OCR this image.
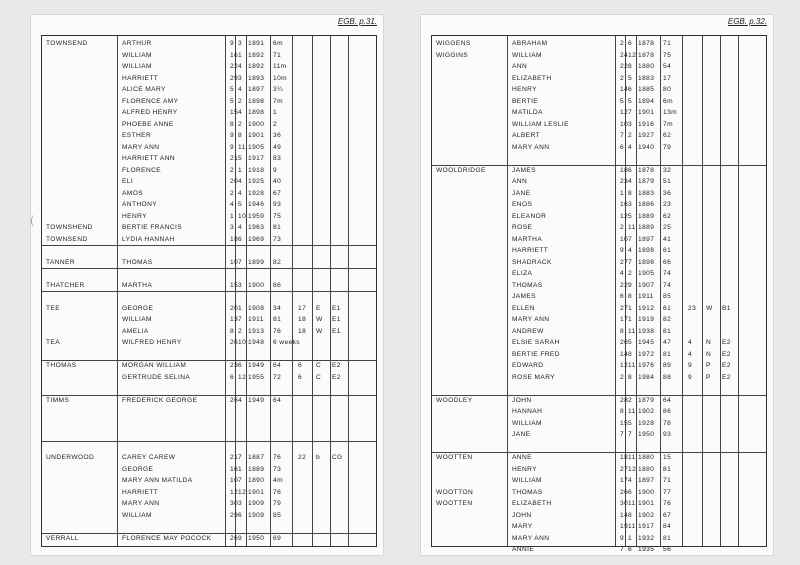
EGB. p.31.
TOWNSEND	ARTHUR	9 3 1891 6m
WILLIAM	16 1 1892 71
WILLIAM	22 4 1892 11m
HARRIETT	29 3 1893 10m
ALICE MARY	5 4 1897 3¼
FLORENCE AMY	5 2 1898 7m
ALFRED HENRY	15 4 1898 1
PHOEBE ANNE	8 2 1900 2
ESTHER	9 8 1901 36
MARY ANN	9 11 1905 49
HARRIETT ANN	21 5 1917 83
FLORENCE	2 1 1918 9
ELI	20 4 1925 40
AMOS	2 4 1928 67
ANTHONY	4 5 1946 93
HENRY	1 10 1959 75
TOWNSHEND	BERTIE FRANCIS	3 4 1963 81
TOWNSEND	LYDIA HANNAH	18 6 1969 73
TANNER	THOMAS	10 7 1899 82
THATCHER	MARTHA	15 3 1900 86
TEE	GEORGE	20 1 1908 34	17 E E1
WILLIAM	13 7 1911 81	18 W E1
AMELIA	8 2 1913 76	18 W E1
TEA	WILFRED HENRY	26 10 1948 6 weeks
THOMAS	MORGAN WILLIAM	23 6 1949 64	6 C E2
GERTRUDE SELINA	6 12 1955 72	6 C E2
TIMMS	FREDERICK GEORGE	26 4 1949 64
UNDERWOOD	CAREY CAREW	21 7 1887 76	22 b CG
GEORGE	16 1 1889 73
MARY ANN MATILDA	10 7 1890 4m
HARRIETT	12 12 1901 76
MARY ANN	30 3 1909 79
WILLIAM	29 6 1909 85
VERRALL	FLORENCE MAY POCOCK	26 9 1950 69
EGB. p.32.
WIGGENS	ABRAHAM	2 6 1878 71
WIGGINS	WILLIAM	24 12 1878 75
ANN	22 8 1880 54
ELIZABETH	2 5 1883 17
HENRY	14 6 1885 80
BERTIE	5 5 1894 6m
MATILDA	12 7 1901 13m
WILLIAM LESLIE	10 3 1916 7m
ALBERT	7 2 1927 62
MARY ANN	6 4 1940 79
WOOLDRIDGE	JAMES	18 6 1878 32
ANN	23 4 1879 51
JANE	1 8 1883 36
ENOS	16 3 1886 23
ELEANOR	12 5 1889 62
ROSE	2 11 1889 25
MARTHA	10 7 1897 41
HARRIETT	9 4 1898 61
SHADRACK	27 7 1898 66
ELIZA	4 2 1905 74
THOMAS	22 9 1907 74
JAMES	6 8 1911 85
ELLEN	27 1 1912 61	23 W B1
MARY ANN	17 1 1919 82
ANDREW	8 11 1938 81
ELSIE SARAH	26 5 1945 47	4 N E2
BERTIE FRED	14 8 1972 81	4 N E2
EDWARD	12 11 1976 89	9 P E2
ROSE MARY	2 8 1984 88	9 P E2
WOODLEY	JOHN	28 2 1879 64
HANNAH	8 11 1902 86
WILLIAM	15 5 1928 78
JANE	7 7 1950 93
WOOTTEN	ANNE	18 11 1880 15
HENRY	27 12 1880 81
WILLIAM	17 4 1897 71
WOOTTON	THOMAS	26 6 1900 77
WOOTTEN	ELIZABETH	30 11 1901 76
JOHN	14 8 1902 67
MARY	19 11 1917 84
MARY ANN	9 1 1932 81
ANNIE	7 6 1935 56
